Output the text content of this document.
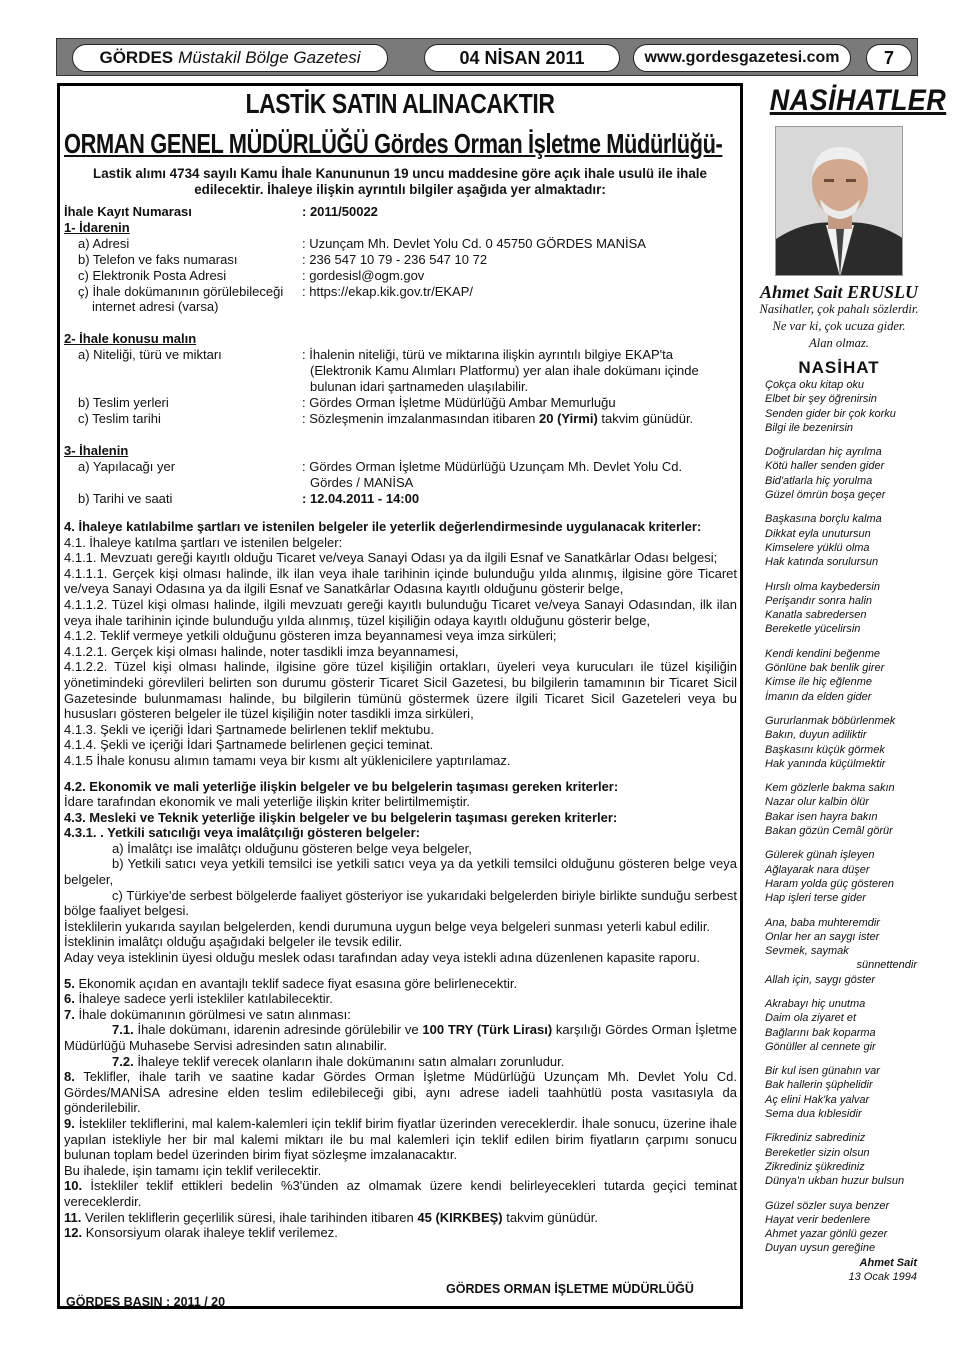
GÖRDES Müstakil Bölge Gazetesi	04 NİSAN 2011	www.gordesgazetesi.com	7
LASTİK SATIN ALINACAKTIR
ORMAN GENEL MÜDÜRLÜĞÜ Gördes Orman İşletme Müdürlüğü-
Lastik alımı 4734 sayılı Kamu İhale Kanununun 19 uncu maddesine göre açık ihale usulü ile ihale edilecektir. İhaleye ilişkin ayrıntılı bilgiler aşağıda yer almaktadır:
İhale Kayıt Numarası	: 2011/50022
1- İdarenin
a) Adresi	: Uzunçam Mh. Devlet Yolu Cd. 0 45750 GÖRDES MANİSA
b) Telefon ve faks numarası	: 236 547 10 79 - 236 547 10 72
c) Elektronik Posta Adresi	: gordesisl@ogm.gov
ç) İhale dokümanının görülebileceği : https://ekap.kik.gov.tr/EKAP/
internet adresi (varsa)
2- İhale konusu malın
a) Niteliği, türü ve miktarı	: İhalenin niteliği, türü ve miktarına ilişkin ayrıntılı bilgiye EKAP'ta
(Elektronik Kamu Alımları Platformu) yer alan ihale dokümanı içinde
bulunan idari şartnameden ulaşılabilir.
b) Teslim yerleri	: Gördes Orman İşletme Müdürlüğü Ambar Memurluğu
c) Teslim tarihi	: Sözleşmenin imzalanmasından itibaren 20 (Yirmi) takvim günüdür.
3- İhalenin
a) Yapılacağı yer	: Gördes Orman İşletme Müdürlüğü Uzunçam Mh. Devlet Yolu Cd.
Gördes / MANİSA
b) Tarihi ve saati	: 12.04.2011 - 14:00

4. İhaleye katılabilme şartları ve istenilen belgeler ile yeterlik değerlendirmesinde uygulanacak kriterler:

4.1. İhaleye katılma şartları ve istenilen belgeler:

4.1.1. Mevzuatı gereği kayıtlı olduğu Ticaret ve/veya Sanayi Odası ya da ilgili Esnaf ve Sanatkârlar Odası belgesi;

4.1.1.1. Gerçek kişi olması halinde, ilk ilan veya ihale tarihinin içinde bulunduğu yılda alınmış, ilgisine göre Ticaret ve/veya Sanayi Odasına ya da ilgili Esnaf ve Sanatkârlar Odasına kayıtlı olduğunu gösterir belge,

4.1.1.2. Tüzel kişi olması halinde, ilgili mevzuatı gereği kayıtlı bulunduğu Ticaret ve/veya Sanayi Odasından, ilk ilan veya ihale tarihinin içinde bulunduğu yılda alınmış, tüzel kişiliğin odaya kayıtlı olduğunu gösterir belge,

4.1.2. Teklif vermeye yetkili olduğunu gösteren imza beyannamesi veya imza sirküleri;

4.1.2.1. Gerçek kişi olması halinde, noter tasdikli imza beyannamesi,

4.1.2.2. Tüzel kişi olması halinde, ilgisine göre tüzel kişiliğin ortakları, üyeleri veya kurucuları ile tüzel kişiliğin yönetimindeki görevlileri belirten son durumu gösterir Ticaret Sicil Gazetesi, bu bilgilerin tamamının bir Ticaret Sicil Gazetesinde bulunmaması halinde, bu bilgilerin tümünü göstermek üzere ilgili Ticaret Sicil Gazeteleri veya bu hususları gösteren belgeler ile tüzel kişiliğin noter tasdikli imza sirküleri,

4.1.3. Şekli ve içeriği İdari Şartnamede belirlenen teklif mektubu.

4.1.4. Şekli ve içeriği İdari Şartnamede belirlenen geçici teminat.

4.1.5 İhale konusu alımın tamamı veya bir kısmı alt yüklenicilere yaptırılamaz.

4.2. Ekonomik ve mali yeterliğe ilişkin belgeler ve bu belgelerin taşıması gereken kriterler:

İdare tarafından ekonomik ve mali yeterliğe ilişkin kriter belirtilmemiştir.

4.3. Mesleki ve Teknik yeterliğe ilişkin belgeler ve bu belgelerin taşıması gereken kriterler:

4.3.1. . Yetkili satıcılığı veya imalâtçılığı gösteren belgeler:

a) İmalâtçı ise imalâtçı olduğunu gösteren belge veya belgeler,

b) Yetkili satıcı veya yetkili temsilci ise yetkili satıcı veya ya da yetkili temsilci olduğunu gösteren belge veya belgeler,

c) Türkiye'de serbest bölgelerde faaliyet gösteriyor ise yukarıdaki belgelerden biriyle birlikte sunduğu serbest bölge faaliyet belgesi.

İsteklilerin yukarıda sayılan belgelerden, kendi durumuna uygun belge veya belgeleri sunması yeterli kabul edilir.

İsteklinin imalâtçı olduğu aşağıdaki belgeler ile tevsik edilir.

Aday veya isteklinin üyesi olduğu meslek odası tarafından aday veya istekli adına düzenlenen kapasite raporu.

5. Ekonomik açıdan en avantajlı teklif sadece fiyat esasına göre belirlenecektir.

6. İhaleye sadece yerli istekliler katılabilecektir.

7. İhale dokümanının görülmesi ve satın alınması:

7.1. İhale dokümanı, idarenin adresinde görülebilir ve 100 TRY (Türk Lirası) karşılığı Gördes Orman İşletme Müdürlüğü Muhasebe Servisi adresinden satın alınabilir.

7.2. İhaleye teklif verecek olanların ihale dokümanını satın almaları zorunludur.

8. Teklifler, ihale tarih ve saatine kadar Gördes Orman İşletme Müdürlüğü Uzunçam Mh. Devlet Yolu Cd. Gördes/MANİSA adresine elden teslim edilebileceği gibi, aynı adrese iadeli taahhütlü posta vasıtasıyla da gönderilebilir.

9. İstekliler tekliflerini, mal kalem-kalemleri için teklif birim fiyatlar üzerinden vereceklerdir. İhale sonucu, üzerine ihale yapılan istekliyle her bir mal kalemi miktarı ile bu mal kalemleri için teklif edilen birim fiyatların çarpımı sonucu bulunan toplam bedel üzerinden birim fiyat sözleşme imzalanacaktır.

Bu ihalede, işin tamamı için teklif verilecektir.

10. İstekliler teklif ettikleri bedelin %3'ünden az olmamak üzere kendi belirleyecekleri tutarda geçici teminat vereceklerdir.

11. Verilen tekliflerin geçerlilik süresi, ihale tarihinden itibaren 45 (KIRKBEŞ) takvim günüdür.

12. Konsorsiyum olarak ihaleye teklif verilemez.

GÖRDES ORMAN İŞLETME MÜDÜRLÜĞÜ
GÖRDES BASIN : 2011 / 20
NASİHATLER
Ahmet Sait ERUSLU
Nasihatler, çok pahalı sözlerdir.
Ne var ki, çok ucuza gider.
Alan olmaz.
NASİHAT
Çokça oku kitap oku
Elbet bir şey öğrenirsin
Senden gider bir çok korku
Bilgi ile bezenirsin
Doğrulardan hiç ayrılma
Kötü haller senden gider
Bid'atlarla hiç yorulma
Güzel ömrün boşa geçer
Başkasına borçlu kalma
Dikkat eyla unutursun
Kimselere yüklü olma
Hak katında sorulursun
Hırslı olma kaybedersin
Perişandır sonra halin
Kanatla sabredersen
Bereketle yücelirsin
Kendi kendini beğenme
Gönlüne bak benlik girer
Kimse ile hiç eğlenme
İmanın da elden gider
Gururlanmak böbürlenmek
Bakın, duyun adiliktir
Başkasını küçük görmek
Hak yanında küçülmektir
Kem gözlerle bakma sakın
Nazar olur kalbin ölür
Bakar isen hayra bakın
Bakan gözün Cemâl görür
Gülerek günah işleyen
Ağlayarak nara düşer
Haram yolda güç gösteren
Hap işleri terse gider
Ana, baba muhteremdir
Onlar her an saygı ister
Sevmek, saymak
sünnettendir
Allah için, saygı göster
Akrabayı hiç unutma
Daim ola ziyaret et
Bağlarını bak koparma
Gönüller al cennete gir
Bir kul isen günahın var
Bak hallerin şüphelidir
Aç elini Hak'ka yalvar
Sema dua kıblesidir
Fikrediniz sabrediniz
Bereketler sizin olsun
Zikrediniz şükrediniz
Dünya'n ukban huzur bulsun
Güzel sözler suya benzer
Hayat verir bedenlere
Ahmet yazar gönlü gezer
Duyan uysun gereğine
Ahmet Sait
13 Ocak 1994
